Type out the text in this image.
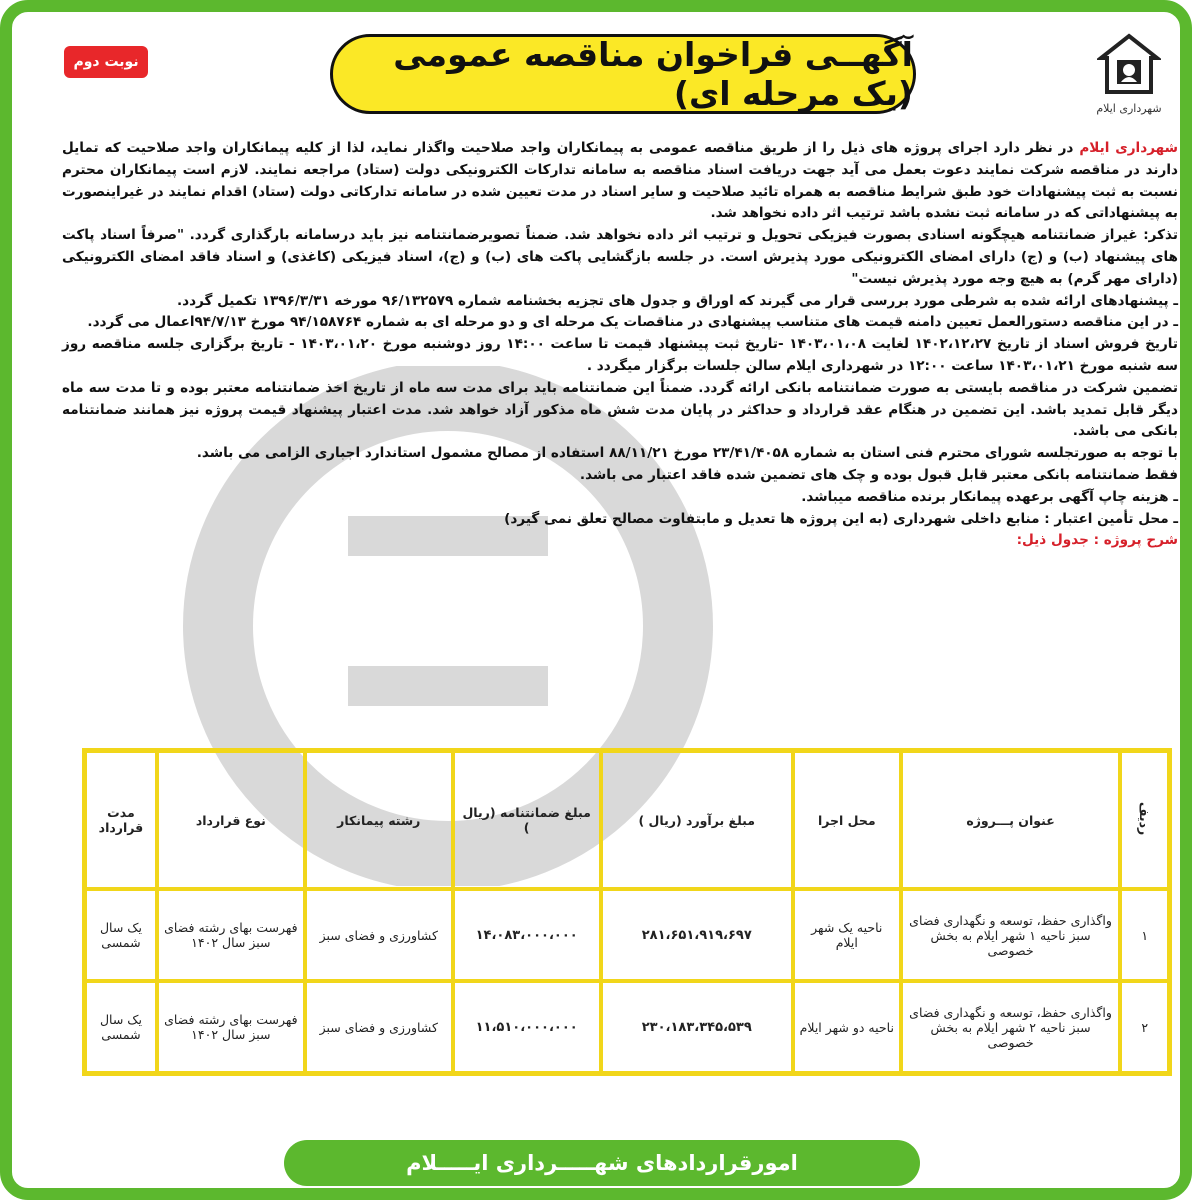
شهرداری ایلام
آگهــی فراخوان مناقصه عمومی (یک مرحله ای)
نوبت دوم

شهرداری ایلام در نظر دارد اجرای پروژه های ذیل را از طریق مناقصه عمومی به پیمانکاران واجد صلاحیت واگذار نماید، لذا از کلیه پیمانکاران واجد صلاحیت که تمایل دارند در مناقصه شرکت نمایند دعوت بعمل می آید جهت دریافت اسناد مناقصه به سامانه تدارکات الکترونیکی دولت (ستاد) مراجعه نمایند. لازم است پیمانکاران محترم نسبت به ثبت پیشنهادات خود طبق شرایط مناقصه به همراه تائید صلاحیت و سایر اسناد در مدت تعیین شده در سامانه تدارکاتی دولت (ستاد) اقدام نمایند در غیراینصورت به پیشنهاداتی که در سامانه ثبت نشده باشد ترتیب اثر داده نخواهد شد.

تذکر: غیراز ضمانتنامه هیچگونه اسنادی بصورت فیزیکی تحویل و ترتیب اثر داده نخواهد شد. ضمناً تصویرضمانتنامه نیز باید درسامانه بارگذاری گردد. "صرفاً اسناد پاکت های پیشنهاد (ب) و (ج) دارای امضای الکترونیکی مورد پذیرش است. در جلسه بازگشایی پاکت های (ب) و (ج)، اسناد فیزیکی (کاغذی) و اسناد فاقد امضای الکترونیکی (دارای مهر گرم) به هیچ وجه مورد پذیرش نیست"

ـ پیشنهادهای ارائه شده به شرطی مورد بررسی قرار می گیرند که اوراق و جدول های تجزیه بخشنامه شماره ۹۶/۱۳۲۵۷۹ مورخه ۱۳۹۶/۳/۳۱ تکمیل گردد.

ـ در این مناقصه دستورالعمل تعیین دامنه قیمت های متناسب پیشنهادی در مناقصات یک مرحله ای و دو مرحله ای به شماره ۹۴/۱۵۸۷۶۴ مورخ ۹۴/۷/۱۳اعمال می گردد.

تاریخ فروش اسناد از تاریخ ۱۴۰۲،۱۲،۲۷ لغایت ۱۴۰۳،۰۱،۰۸ -تاریخ ثبت پیشنهاد قیمت تا ساعت ۱۴:۰۰ روز دوشنبه مورخ ۱۴۰۳،۰۱،۲۰ - تاریخ برگزاری جلسه مناقصه روز سه شنبه مورخ ۱۴۰۳،۰۱،۲۱ ساعت ۱۲:۰۰ در شهرداری ایلام سالن جلسات برگزار میگردد .

تضمین شرکت در مناقصه بایستی به صورت ضمانتنامه بانکی ارائه گردد. ضمناً این ضمانتنامه باید برای مدت سه ماه از تاریخ اخذ ضمانتنامه معتبر بوده و تا مدت سه ماه دیگر قابل تمدید باشد. این تضمین در هنگام عقد قرارداد و حداکثر در پایان مدت شش ماه مذکور آزاد خواهد شد. مدت اعتبار پیشنهاد قیمت پروژه نیز همانند ضمانتنامه بانکی می باشد.

با توجه به صورتجلسه شورای محترم فنی استان به شماره ۲۳/۴۱/۴۰۵۸ مورخ ۸۸/۱۱/۲۱ استفاده از مصالح مشمول استاندارد اجباری الزامی می باشد.

فقط ضمانتنامه بانکی معتبر قابل قبول بوده و چک های تضمین شده فاقد اعتبار می باشد.

ـ هزینه چاپ آگهی برعهده پیمانکار برنده مناقصه میباشد.

ـ محل تأمین اعتبار : منابع داخلی شهرداری (به این پروژه ها تعدیل و مابتفاوت مصالح تعلق نمی گیرد)

شرح پروژه : جدول ذیل:

ردیف	عنوان پـــروژه	محل اجرا	مبلغ برآورد (ریال )	مبلغ ضمانتنامه (ریال )	رشته پیمانکار	نوع قرارداد	مدت قرارداد
۱	واگذاری حفظ، توسعه و نگهداری فضای سبز ناحیه ۱ شهر ایلام به بخش خصوصی	ناحیه یک شهر ایلام	۲۸۱،۶۵۱،۹۱۹،۶۹۷	۱۴،۰۸۳،۰۰۰،۰۰۰	کشاورزی و فضای سبز	فهرست بهای رشته فضای سبز سال ۱۴۰۲	یک سال شمسی
۲	واگذاری حفظ، توسعه و نگهداری فضای سبز ناحیه ۲ شهر ایلام به بخش خصوصی	ناحیه دو شهر ایلام	۲۳۰،۱۸۳،۳۴۵،۵۳۹	۱۱،۵۱۰،۰۰۰،۰۰۰	کشاورزی و فضای سبز	فهرست بهای رشته فضای سبز سال ۱۴۰۲	یک سال شمسی
امورقراردادهای شهـــــرداری ایـــــلام
